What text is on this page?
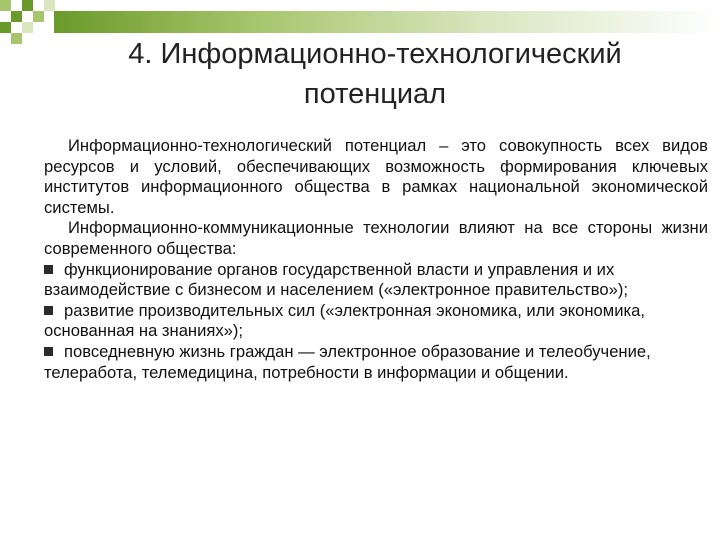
4. Информационно-технологический потенциал

Информационно-технологический потенциал – это совокупность всех видов ресурсов и условий, обеспечивающих возможность формирования ключевых институтов информационного общества в рамках национальной экономической системы.

Информационно-коммуникационные технологии влияют на все стороны жизни современного общества:

функционирование органов государственной власти и управления и их взаимодействие с бизнесом и населением («электронное правительство»);

развитие производительных сил («электронная экономика, или экономика, основанная на знаниях»);

повседневную жизнь граждан — электронное образование и телеобучение, телеработа, телемедицина, потребности в информации и общении.
